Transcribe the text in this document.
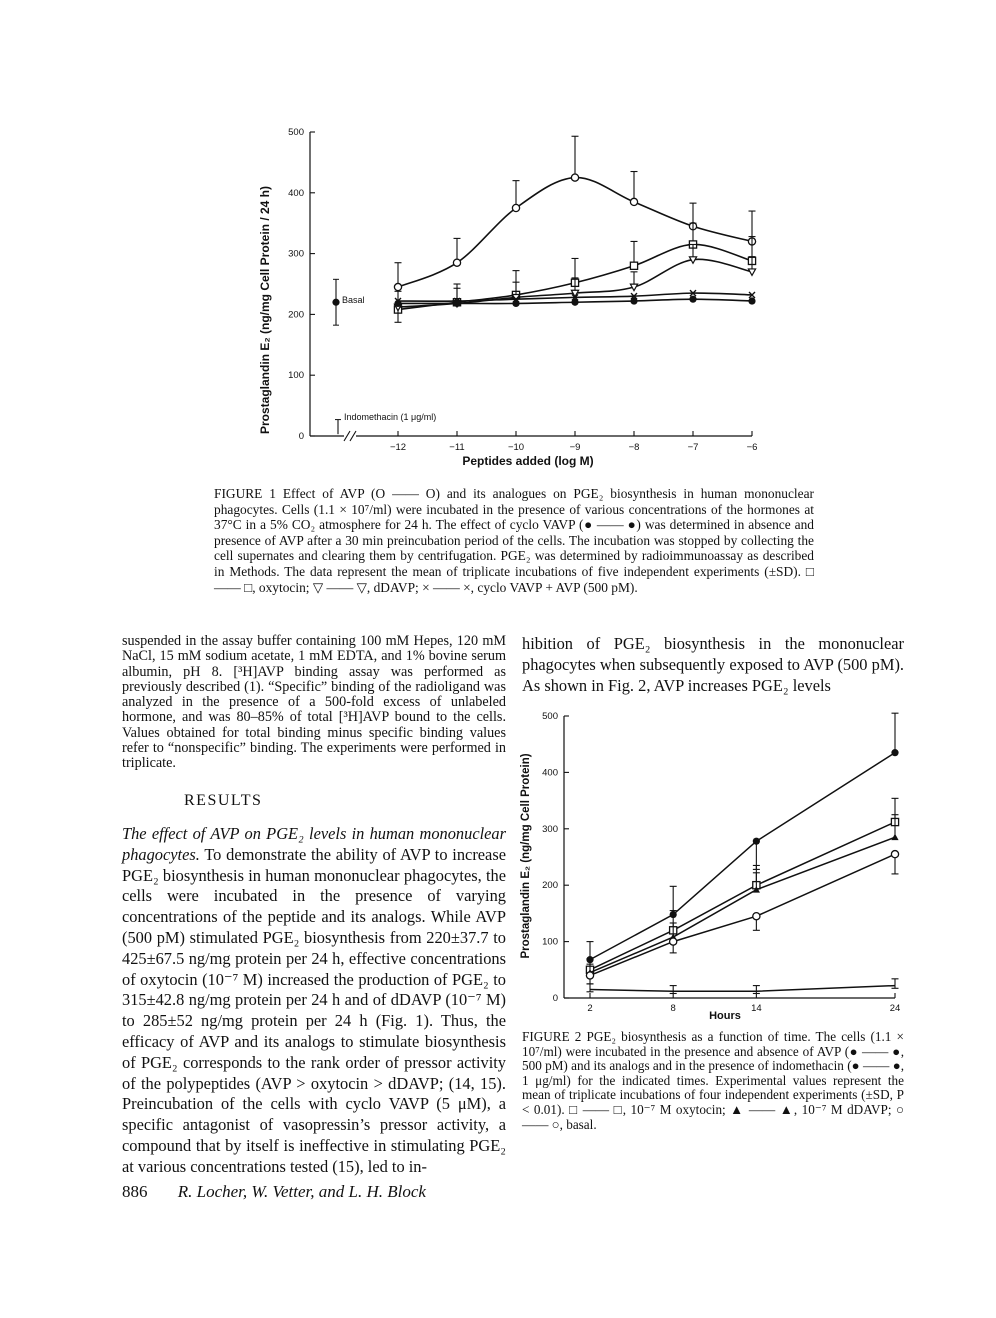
0
100
200
300
400
500
−12	−11	−10	−9	−8	−7	−6
Prostaglandin E₂ (ng/mg Cell Protein / 24 h)
Peptides added (log M)
Basal
Indomethacin (1 μg/ml)
FIGURE 1 Effect of AVP (O —— O) and its analogues on PGE₂ biosynthesis in human mononuclear phagocytes. Cells (1.1 × 10⁷/ml) were incubated in the presence of various concentrations of the hormones at 37°C in a 5% CO₂ atmosphere for 24 h. The effect of cyclo VAVP (● —— ●) was determined in absence and presence of AVP after a 30 min preincubation period of the cells. The incubation was stopped by collecting the cell supernates and clearing them by centrifugation. PGE₂ was determined by radioimmunoassay as described in Methods. The data represent the mean of triplicate incubations of five independent experiments (±SD). □ —— □, oxytocin; ▽ —— ▽, dDAVP; × —— ×, cyclo VAVP + AVP (500 pM).
suspended in the assay buffer containing 100 mM Hepes, 120 mM NaCl, 15 mM sodium acetate, 1 mM EDTA, and 1% bovine serum albumin, pH 8. [³H]AVP binding assay was performed as previously described (1). “Specific” binding of the radioligand was analyzed in the presence of a 500-fold excess of unlabeled hormone, and was 80–85% of total [³H]AVP bound to the cells. Values obtained for total binding minus specific binding values refer to “nonspecific” binding. The experiments were performed in triplicate.
RESULTS
The effect of AVP on PGE₂ levels in human mononuclear phagocytes. To demonstrate the ability of AVP to increase PGE₂ biosynthesis in human mononuclear phagocytes, the cells were incubated in the presence of varying concentrations of the peptide and its analogs. While AVP (500 pM) stimulated PGE₂ biosynthesis from 220±37.7 to 425±67.5 ng/mg protein per 24 h, effective concentrations of oxytocin (10⁻⁷ M) increased the production of PGE₂ to 315±42.8 ng/mg protein per 24 h and of dDAVP (10⁻⁷ M) to 285±52 ng/mg protein per 24 h (Fig. 1). Thus, the efficacy of AVP and its analogs to stimulate biosynthesis of PGE₂ corresponds to the rank order of pressor activity of the polypeptides (AVP > oxytocin > dDAVP; (14, 15). Preincubation of the cells with cyclo VAVP (5 μM), a specific antagonist of vasopressin’s pressor activity, a compound that by itself is ineffective in stimulating PGE₂ at various concentrations tested (15), led to in-
hibition of PGE₂ biosynthesis in the mononuclear phagocytes when subsequently exposed to AVP (500 pM). As shown in Fig. 2, AVP increases PGE₂ levels
0
100
200
300
400
500
2	8	14	24
Prostaglandin E₂ (ng/mg Cell Protein)
Hours
FIGURE 2 PGE₂ biosynthesis as a function of time. The cells (1.1 × 10⁷/ml) were incubated in the presence and absence of AVP (● —— ●, 500 pM) and its analogs and in the presence of indomethacin (● —— ●, 1 μg/ml) for the indicated times. Experimental values represent the mean of triplicate incubations of four independent experiments (±SD, P < 0.01). □ —— □, 10⁻⁷ M oxytocin; ▲ —— ▲, 10⁻⁷ M dDAVP; ○ —— ○, basal.
886 R. Locher, W. Vetter, and L. H. Block
